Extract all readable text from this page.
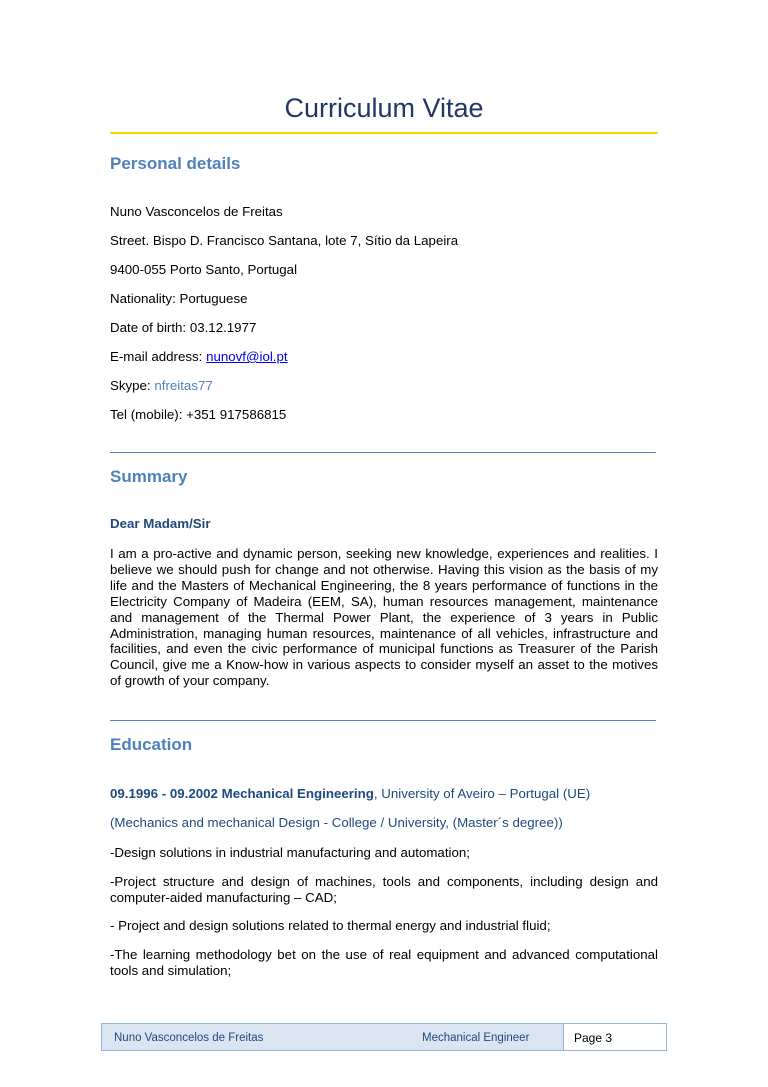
Curriculum Vitae
Personal details
Nuno Vasconcelos de Freitas
Street. Bispo D. Francisco Santana, lote 7, Sítio da Lapeira
9400-055 Porto Santo, Portugal
Nationality: Portuguese
Date of birth: 03.12.1977
E-mail address: nunovf@iol.pt
Skype: nfreitas77
Tel (mobile): +351 917586815
Summary
Dear Madam/Sir
I am a pro-active and dynamic person, seeking new knowledge, experiences and realities. I believe we should push for change and not otherwise. Having this vision as the basis of my life and the Masters of Mechanical Engineering, the 8 years performance of functions in the Electricity Company of Madeira (EEM, SA), human resources management, maintenance and management of the Thermal Power Plant, the experience of 3 years in Public Administration, managing human resources, maintenance of all vehicles, infrastructure and facilities, and even the civic performance of municipal functions as Treasurer of the Parish Council, give me a Know-how in various aspects to consider myself an asset to the motives of growth of your company.
Education
09.1996 - 09.2002 Mechanical Engineering, University of Aveiro – Portugal (UE)
(Mechanics and mechanical Design - College / University, (Master´s degree))
-Design solutions in industrial manufacturing and automation;
-Project structure and design of machines, tools and components, including design and computer-aided manufacturing – CAD;
- Project and design solutions related to thermal energy and industrial fluid;
-The learning methodology bet on the use of real equipment and advanced computational tools and simulation;
Nuno Vasconcelos de Freitas	Mechanical Engineer	Page 3
